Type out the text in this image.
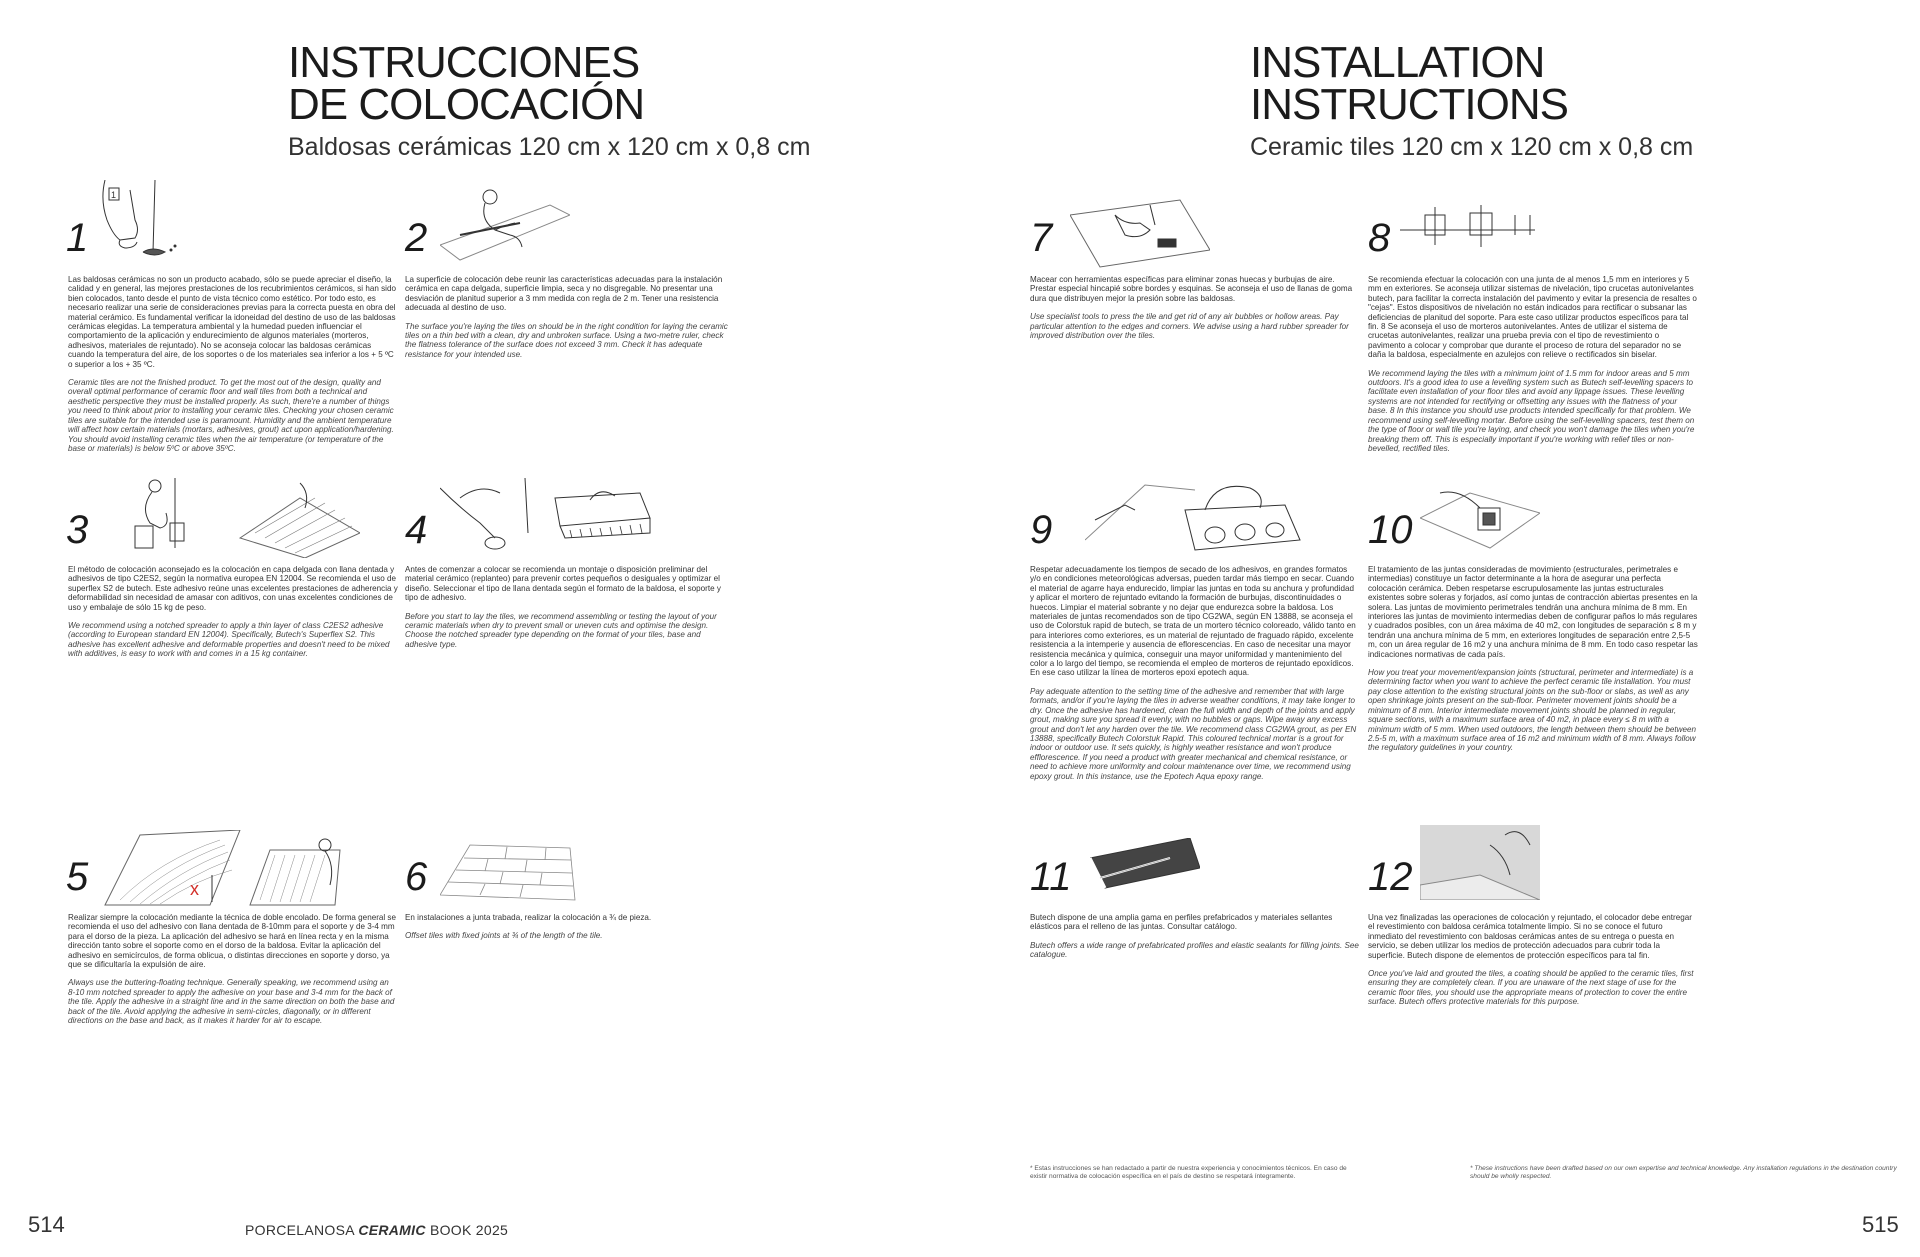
INSTRUCCIONES
DE COLOCACIÓN
Baldosas cerámicas 120 cm x 120 cm x 0,8 cm
INSTALLATION
INSTRUCTIONS
Ceramic tiles 120 cm x 120 cm x 0,8 cm
1
1

Las baldosas cerámicas no son un producto acabado, sólo se puede apreciar el diseño, la calidad y en general, las mejores prestaciones de los recubrimientos cerámicos, si han sido bien colocados, tanto desde el punto de vista técnico como estético. Por todo esto, es necesario realizar una serie de consideraciones previas para la correcta puesta en obra del material cerámico. Es fundamental verificar la idoneidad del destino de uso de las baldosas cerámicas elegidas. La temperatura ambiental y la humedad pueden influenciar el comportamiento de la aplicación y endurecimiento de algunos materiales (morteros, adhesivos, materiales de rejuntado). No se aconseja colocar las baldosas cerámicas cuando la temperatura del aire, de los soportes o de los materiales sea inferior a los + 5 ºC o superior a los + 35 ºC.

Ceramic tiles are not the finished product. To get the most out of the design, quality and overall optimal performance of ceramic floor and wall tiles from both a technical and aesthetic perspective they must be installed properly. As such, there're a number of things you need to think about prior to installing your ceramic tiles. Checking your chosen ceramic tiles are suitable for the intended use is paramount. Humidity and the ambient temperature will affect how certain materials (mortars, adhesives, grout) act upon application/hardening. You should avoid installing ceramic tiles when the air temperature (or temperature of the base or materials) is below 5ºC or above 35ºC.

2

La superficie de colocación debe reunir las características adecuadas para la instalación cerámica en capa delgada, superficie limpia, seca y no disgregable. No presentar una desviación de planitud superior a 3 mm medida con regla de 2 m. Tener una resistencia adecuada al destino de uso.

The surface you're laying the tiles on should be in the right condition for laying the ceramic tiles on a thin bed with a clean, dry and unbroken surface. Using a two-metre ruler, check the flatness tolerance of the surface does not exceed 3 mm. Check it has adequate resistance for your intended use.

3

El método de colocación aconsejado es la colocación en capa delgada con llana dentada y adhesivos de tipo C2ES2, según la normativa europea EN 12004. Se recomienda el uso de superflex S2 de butech. Este adhesivo reúne unas excelentes prestaciones de adherencia y deformabilidad sin necesidad de amasar con aditivos, con unas excelentes condiciones de uso y embalaje de sólo 15 kg de peso.

We recommend using a notched spreader to apply a thin layer of class C2ES2 adhesive (according to European standard EN 12004). Specifically, Butech's Superflex S2. This adhesive has excellent adhesive and deformable properties and doesn't need to be mixed with additives, is easy to work with and comes in a 15 kg container.

4

Antes de comenzar a colocar se recomienda un montaje o disposición preliminar del material cerámico (replanteo) para prevenir cortes pequeños o desiguales y optimizar el diseño. Seleccionar el tipo de llana dentada según el formato de la baldosa, el soporte y tipo de adhesivo.

Before you start to lay the tiles, we recommend assembling or testing the layout of your ceramic materials when dry to prevent small or uneven cuts and optimise the design. Choose the notched spreader type depending on the format of your tiles, base and adhesive type.

x
5

Realizar siempre la colocación mediante la técnica de doble encolado. De forma general se recomienda el uso del adhesivo con llana dentada de 8-10mm para el soporte y de 3-4 mm para el dorso de la pieza. La aplicación del adhesivo se hará en línea recta y en la misma dirección tanto sobre el soporte como en el dorso de la baldosa. Evitar la aplicación del adhesivo en semicírculos, de forma oblicua, o distintas direcciones en soporte y dorso, ya que se dificultaría la expulsión de aire.

Always use the buttering-floating technique. Generally speaking, we recommend using an 8-10 mm notched spreader to apply the adhesive on your base and 3-4 mm for the back of the tile. Apply the adhesive in a straight line and in the same direction on both the base and back of the tile. Avoid applying the adhesive in semi-circles, diagonally, or in different directions on the base and back, as it makes it harder for air to escape.

6

En instalaciones a junta trabada, realizar la colocación a ¾ de pieza.

Offset tiles with fixed joints at ¾ of the length of the tile.

7

Macear con herramientas específicas para eliminar zonas huecas y burbujas de aire. Prestar especial hincapié sobre bordes y esquinas. Se aconseja el uso de llanas de goma dura que distribuyen mejor la presión sobre las baldosas.

Use specialist tools to press the tile and get rid of any air bubbles or hollow areas. Pay particular attention to the edges and corners. We advise using a hard rubber spreader for improved distribution over the tiles.

8

Se recomienda efectuar la colocación con una junta de al menos 1,5 mm en interiores y 5 mm en exteriores. Se aconseja utilizar sistemas de nivelación, tipo crucetas autonivelantes butech, para facilitar la correcta instalación del pavimento y evitar la presencia de resaltes o "cejas". Estos dispositivos de nivelación no están indicados para rectificar o subsanar las deficiencias de planitud del soporte. Para este caso utilizar productos específicos para tal fin. 8 Se aconseja el uso de morteros autonivelantes. Antes de utilizar el sistema de crucetas autonivelantes, realizar una prueba previa con el tipo de revestimiento o pavimento a colocar y comprobar que durante el proceso de rotura del separador no se daña la baldosa, especialmente en azulejos con relieve o rectificados sin biselar.

We recommend laying the tiles with a minimum joint of 1.5 mm for indoor areas and 5 mm outdoors. It's a good idea to use a levelling system such as Butech self-levelling spacers to facilitate even installation of your floor tiles and avoid any lippage issues. These levelling systems are not intended for rectifying or offsetting any issues with the flatness of your base. 8 In this instance you should use products intended specifically for that problem. We recommend using self-levelling mortar. Before using the self-levelling spacers, test them on the type of floor or wall tile you're laying, and check you won't damage the tiles when you're breaking them off. This is especially important if you're working with relief tiles or non-bevelled, rectified tiles.

9

Respetar adecuadamente los tiempos de secado de los adhesivos, en grandes formatos y/o en condiciones meteorológicas adversas, pueden tardar más tiempo en secar. Cuando el material de agarre haya endurecido, limpiar las juntas en toda su anchura y profundidad y aplicar el mortero de rejuntado evitando la formación de burbujas, discontinuidades o huecos. Limpiar el material sobrante y no dejar que endurezca sobre la baldosa. Los materiales de juntas recomendados son de tipo CG2WA, según EN 13888, se aconseja el uso de Colorstuk rapid de butech, se trata de un mortero técnico coloreado, válido tanto en para interiores como exteriores, es un material de rejuntado de fraguado rápido, excelente resistencia a la intemperie y ausencia de eflorescencias. En caso de necesitar una mayor resistencia mecánica y química, conseguir una mayor uniformidad y mantenimiento del color a lo largo del tiempo, se recomienda el empleo de morteros de rejuntado epoxídicos. En ese caso utilizar la línea de morteros epoxi epotech aqua.

Pay adequate attention to the setting time of the adhesive and remember that with large formats, and/or if you're laying the tiles in adverse weather conditions, it may take longer to dry. Once the adhesive has hardened, clean the full width and depth of the joints and apply grout, making sure you spread it evenly, with no bubbles or gaps. Wipe away any excess grout and don't let any harden over the tile. We recommend class CG2WA grout, as per EN 13888, specifically Butech Colorstuk Rapid. This coloured technical mortar is a grout for indoor or outdoor use. It sets quickly, is highly weather resistance and won't produce efflorescence. If you need a product with greater mechanical and chemical resistance, or need to achieve more uniformity and colour maintenance over time, we recommend using epoxy grout. In this instance, use the Epotech Aqua epoxy range.

10

El tratamiento de las juntas consideradas de movimiento (estructurales, perimetrales e intermedias) constituye un factor determinante a la hora de asegurar una perfecta colocación cerámica. Deben respetarse escrupulosamente las juntas estructurales existentes sobre soleras y forjados, así como juntas de contracción abiertas presentes en la solera. Las juntas de movimiento perimetrales tendrán una anchura mínima de 8 mm. En interiores las juntas de movimiento intermedias deben de configurar paños lo más regulares y cuadrados posibles, con un área máxima de 40 m2, con longitudes de separación ≤ 8 m y tendrán una anchura mínima de 5 mm, en exteriores longitudes de separación entre 2,5-5 m, con un área regular de 16 m2 y una anchura mínima de 8 mm. En todo caso respetar las indicaciones normativas de cada país.

How you treat your movement/expansion joints (structural, perimeter and intermediate) is a determining factor when you want to achieve the perfect ceramic tile installation. You must pay close attention to the existing structural joints on the sub-floor or slabs, as well as any open shrinkage joints present on the sub-floor. Perimeter movement joints should be a minimum of 8 mm. Interior intermediate movement joints should be planned in regular, square sections, with a maximum surface area of 40 m2, in place every ≤ 8 m with a minimum width of 5 mm. When used outdoors, the length between them should be between 2.5-5 m, with a maximum surface area of 16 m2 and minimum width of 8 mm. Always follow the regulatory guidelines in your country.

11

Butech dispone de una amplia gama en perfiles prefabricados y materiales sellantes elásticos para el relleno de las juntas. Consultar catálogo.

Butech offers a wide range of prefabricated profiles and elastic sealants for filling joints. See catalogue.

12

Una vez finalizadas las operaciones de colocación y rejuntado, el colocador debe entregar el revestimiento con baldosa cerámica totalmente limpio. Si no se conoce el futuro inmediato del revestimiento con baldosas cerámicas antes de su entrega o puesta en servicio, se deben utilizar los medios de protección adecuados para cubrir toda la superficie. Butech dispone de elementos de protección específicos para tal fin.

Once you've laid and grouted the tiles, a coating should be applied to the ceramic tiles, first ensuring they are completely clean. If you are unaware of the next stage of use for the ceramic floor tiles, you should use the appropriate means of protection to cover the entire surface. Butech offers protective materials for this purpose.

* Estas instrucciones se han redactado a partir de nuestra experiencia y conocimientos técnicos. En caso de existir normativa de colocación específica en el país de destino se respetará íntegramente.
* These instructions have been drafted based on our own expertise and technical knowledge. Any installation regulations in the destination country should be wholly respected.
514	PORCELANOSA CERAMIC BOOK 2025	515
